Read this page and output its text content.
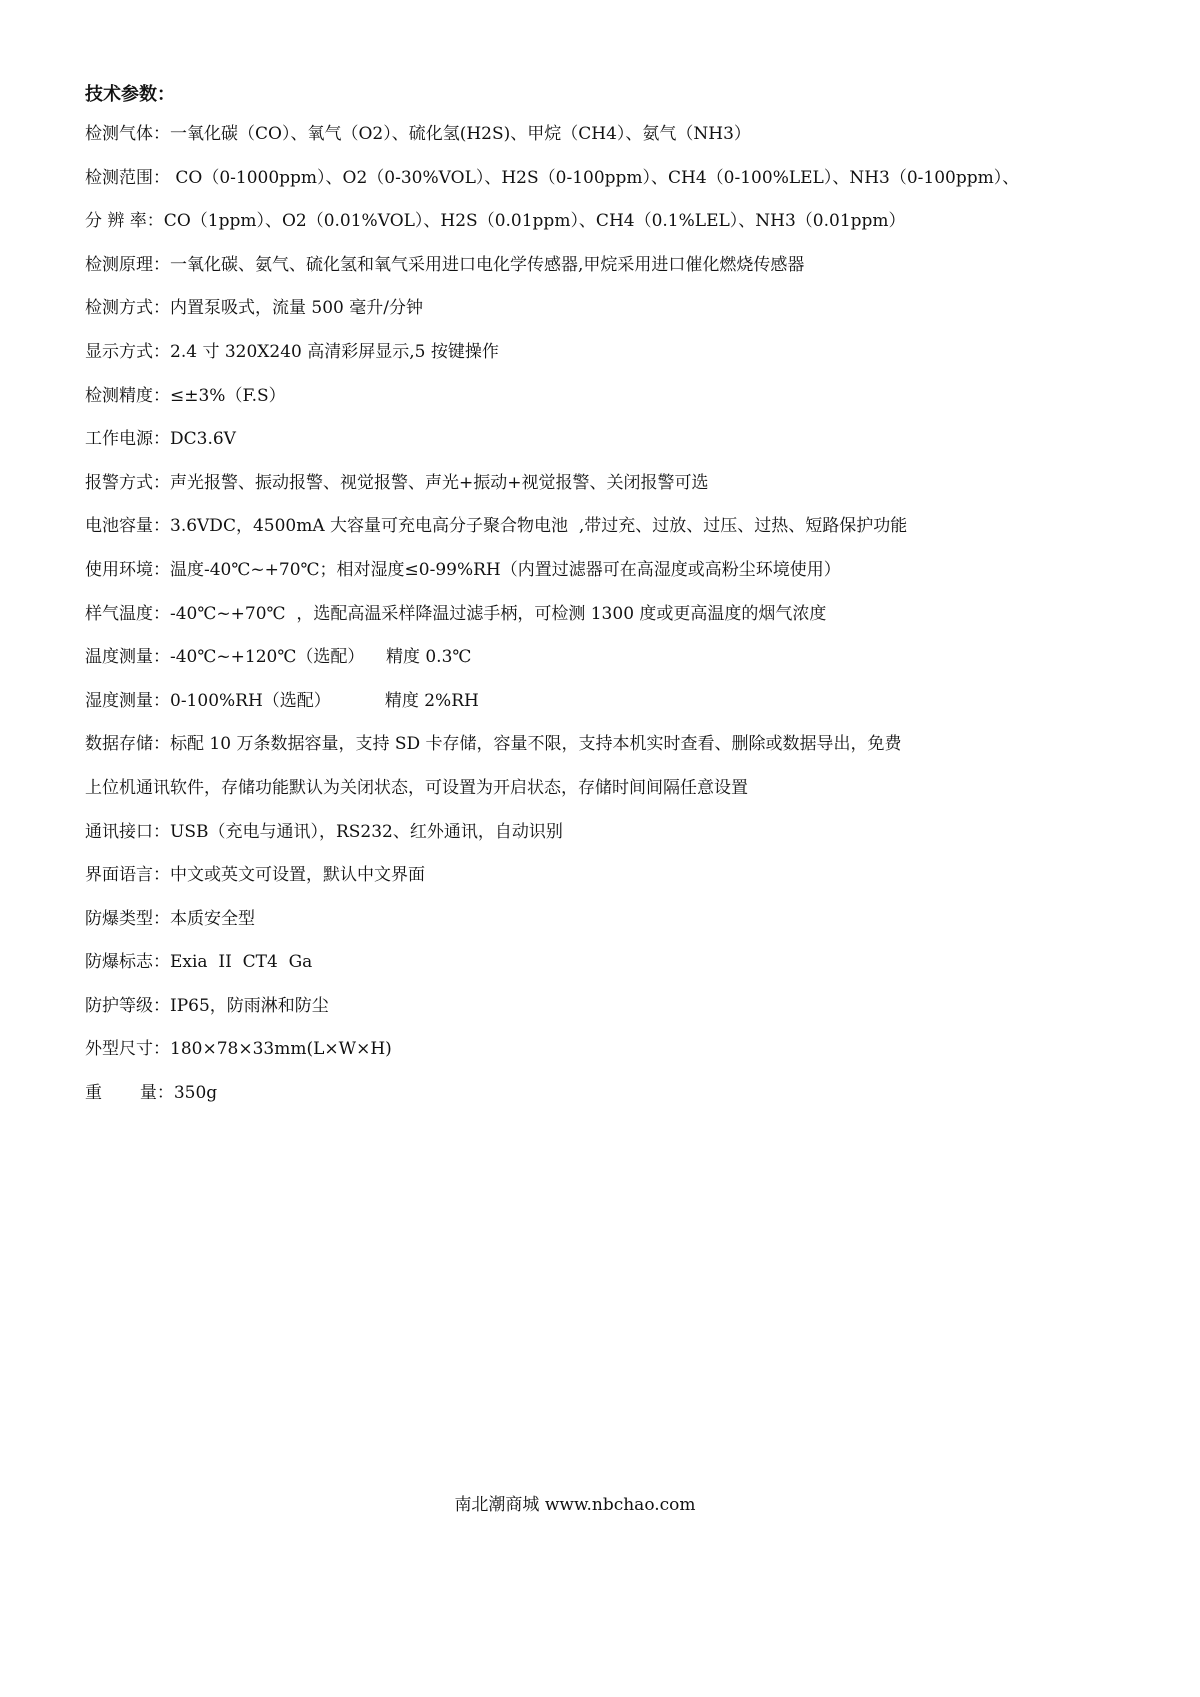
技术参数：
检测气体：一氧化碳（CO）、氧气（O2）、硫化氢(H2S)、甲烷（CH4）、氨气（NH3）
检测范围： CO（0-1000ppm）、O2（0-30%VOL）、H2S（0-100ppm）、CH4（0-100%LEL）、NH3（0-100ppm）、
分 辨 率：CO（1ppm）、O2（0.01%VOL）、H2S（0.01ppm）、CH4（0.1%LEL）、NH3（0.01ppm）
检测原理：一氧化碳、氨气、硫化氢和氧气采用进口电化学传感器,甲烷采用进口催化燃烧传感器
检测方式：内置泵吸式，流量 500 毫升/分钟
显示方式：2.4 寸 320X240 高清彩屏显示,5 按键操作
检测精度：≤±3%（F.S）
工作电源：DC3.6V
报警方式：声光报警、振动报警、视觉报警、声光+振动+视觉报警、关闭报警可选
电池容量：3.6VDC，4500mA 大容量可充电高分子聚合物电池  ,带过充、过放、过压、过热、短路保护功能
使用环境：温度-40℃~+70℃；相对湿度≤0-99%RH（内置过滤器可在高湿度或高粉尘环境使用）
样气温度：-40℃~+70℃  ，选配高温采样降温过滤手柄，可检测 1300 度或更高温度的烟气浓度
温度测量：-40℃~+120℃（选配）    精度 0.3℃
湿度测量：0-100%RH（选配）          精度 2%RH
数据存储：标配 10 万条数据容量，支持 SD 卡存储，容量不限，支持本机实时查看、删除或数据导出，免费
上位机通讯软件，存储功能默认为关闭状态，可设置为开启状态，存储时间间隔任意设置
通讯接口：USB（充电与通讯），RS232、红外通讯，自动识别
界面语言：中文或英文可设置，默认中文界面
防爆类型：本质安全型
防爆标志：Exia  II  CT4  Ga
防护等级：IP65，防雨淋和防尘
外型尺寸：180×78×33mm(L×W×H)
重       量：350g
南北潮商城 www.nbchao.com
